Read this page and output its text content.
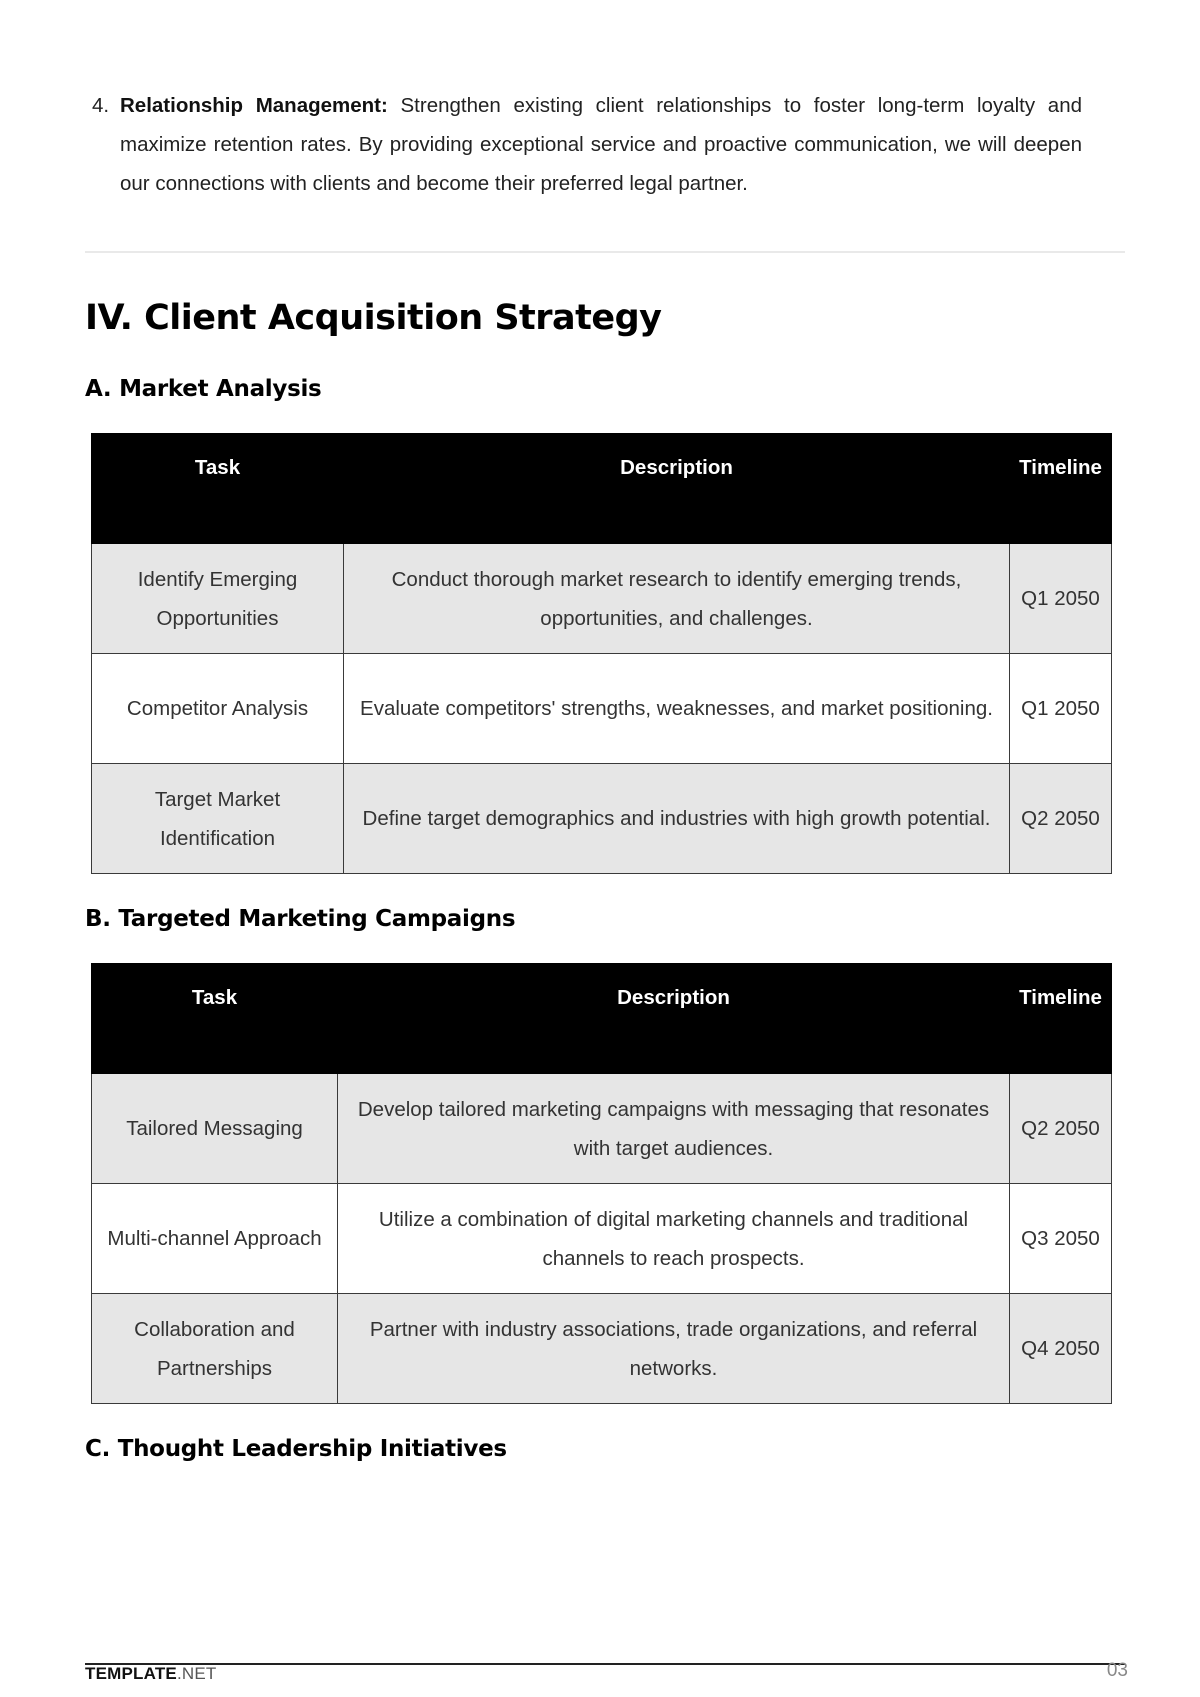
4. Relationship Management: Strengthen existing client relationships to foster long-term loyalty and maximize retention rates. By providing exceptional service and proactive communication, we will deepen our connections with clients and become their preferred legal partner.
IV. Client Acquisition Strategy
A. Market Analysis
Task	Description	Timeline
Identify Emerging Opportunities	Conduct thorough market research to identify emerging trends, opportunities, and challenges.	Q1 2050
Competitor Analysis	Evaluate competitors' strengths, weaknesses, and market positioning.	Q1 2050
Target Market Identification	Define target demographics and industries with high growth potential.	Q2 2050
B. Targeted Marketing Campaigns
Task	Description	Timeline
Tailored Messaging	Develop tailored marketing campaigns with messaging that resonates with target audiences.	Q2 2050
Multi-channel Approach	Utilize a combination of digital marketing channels and traditional channels to reach prospects.	Q3 2050
Collaboration and Partnerships	Partner with industry associations, trade organizations, and referral networks.	Q4 2050
C. Thought Leadership Initiatives
TEMPLATE.NET	03
